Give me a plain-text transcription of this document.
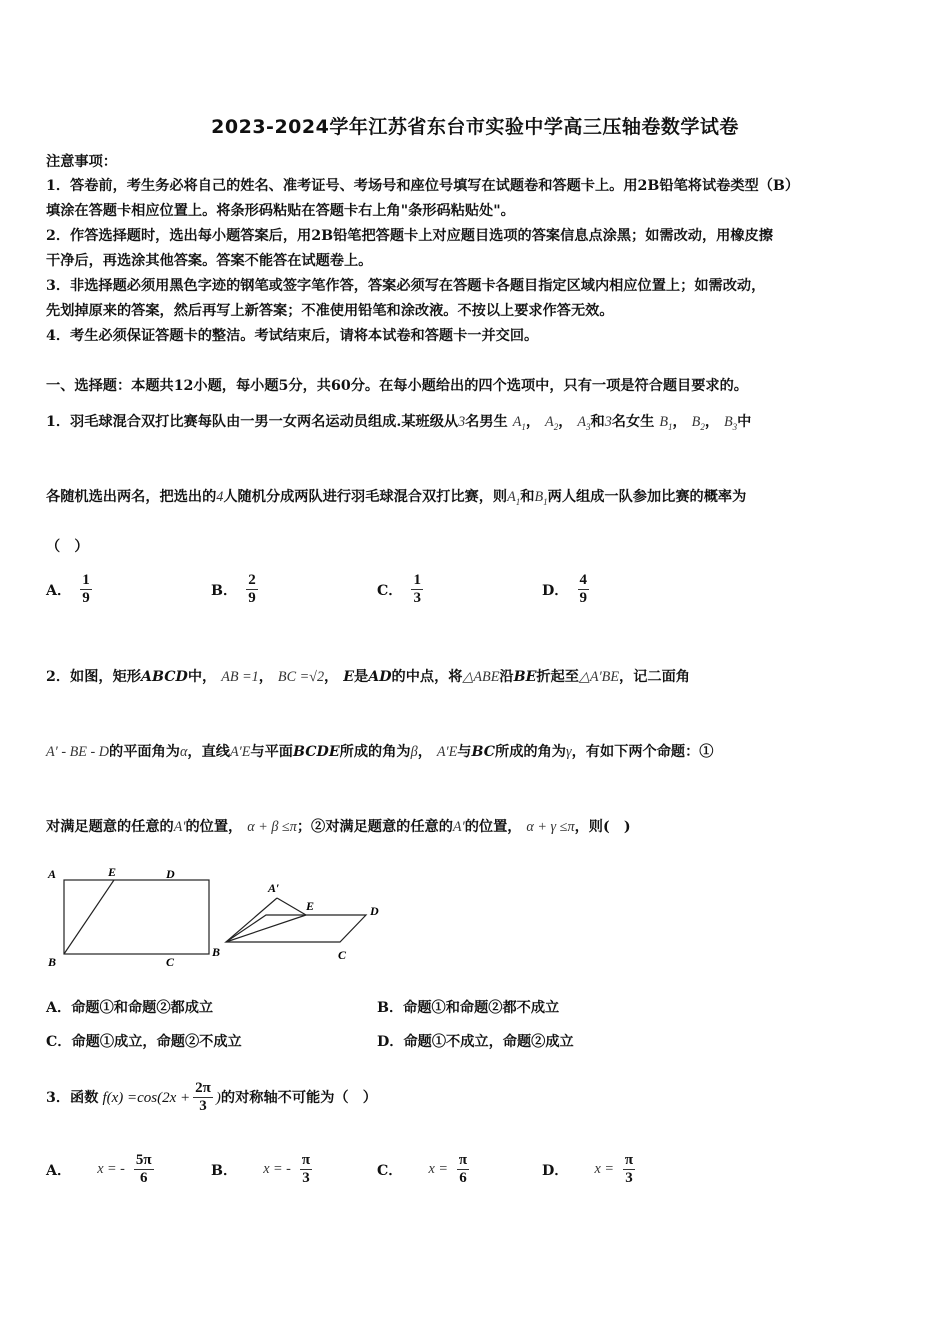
2023-2024学年江苏省东台市实验中学高三压轴卷数学试卷
注意事项：
1．答卷前，考生务必将自己的姓名、准考证号、考场号和座位号填写在试题卷和答题卡上。用2B铅笔将试卷类型（B）
填涂在答题卡相应位置上。将条形码粘贴在答题卡右上角"条形码粘贴处"。
2．作答选择题时，选出每小题答案后，用2B铅笔把答题卡上对应题目选项的答案信息点涂黑；如需改动，用橡皮擦
干净后，再选涂其他答案。答案不能答在试题卷上。
3．非选择题必须用黑色字迹的钢笔或签字笔作答，答案必须写在答题卡各题目指定区域内相应位置上；如需改动，
先划掉原来的答案，然后再写上新答案；不准使用铅笔和涂改液。不按以上要求作答无效。
4．考生必须保证答题卡的整洁。考试结束后，请将本试卷和答题卡一并交回。
一、选择题：本题共12小题，每小题5分，共60分。在每小题给出的四个选项中，只有一项是符合题目要求的。
1．羽毛球混合双打比赛每队由一男一女两名运动员组成.某班级从3名男生 $A_1$， $A_2$， $A_3$和3名女生 $B_1$， $B_2$， $B_3$中
各随机选出两名，把选出的4人随机分成两队进行羽毛球混合双打比赛，则$A_1$和$B_1$两人组成一队参加比赛的概率为
（　）
A． $\frac{1}{9}$	B． $\frac{2}{9}$	C． $\frac{1}{3}$	D． $\frac{4}{9}$
2．如图，矩形ABCD中， AB =1， BC =√2， E是AD的中点，将△ABE沿BE折起至△A′BE，记二面角
A′ - BE - D的平面角为α，直线A′E与平面BCDE所成的角为β， A′E与BC所成的角为γ，有如下两个命题：①
对满足题意的任意的A′的位置， α + β ≤π；②对满足题意的任意的A′的位置， α + γ ≤π，则(　)
A	E	D
B	C
A′
E	D
B	C
A．命题①和命题②都成立	B．命题①和命题②都不成立
C．命题①成立，命题②不成立	D．命题①不成立，命题②成立
3．函数 $f(x) =\cos(2x + \frac{2\pi}{3}$ ) 的对称轴不可能为（　）
A． x = - $\frac{5\pi}{6}$	B． x = - $\frac{\pi}{3}$	C． $x = \frac{\pi}{6}$	D． $x = \frac{\pi}{3}$
